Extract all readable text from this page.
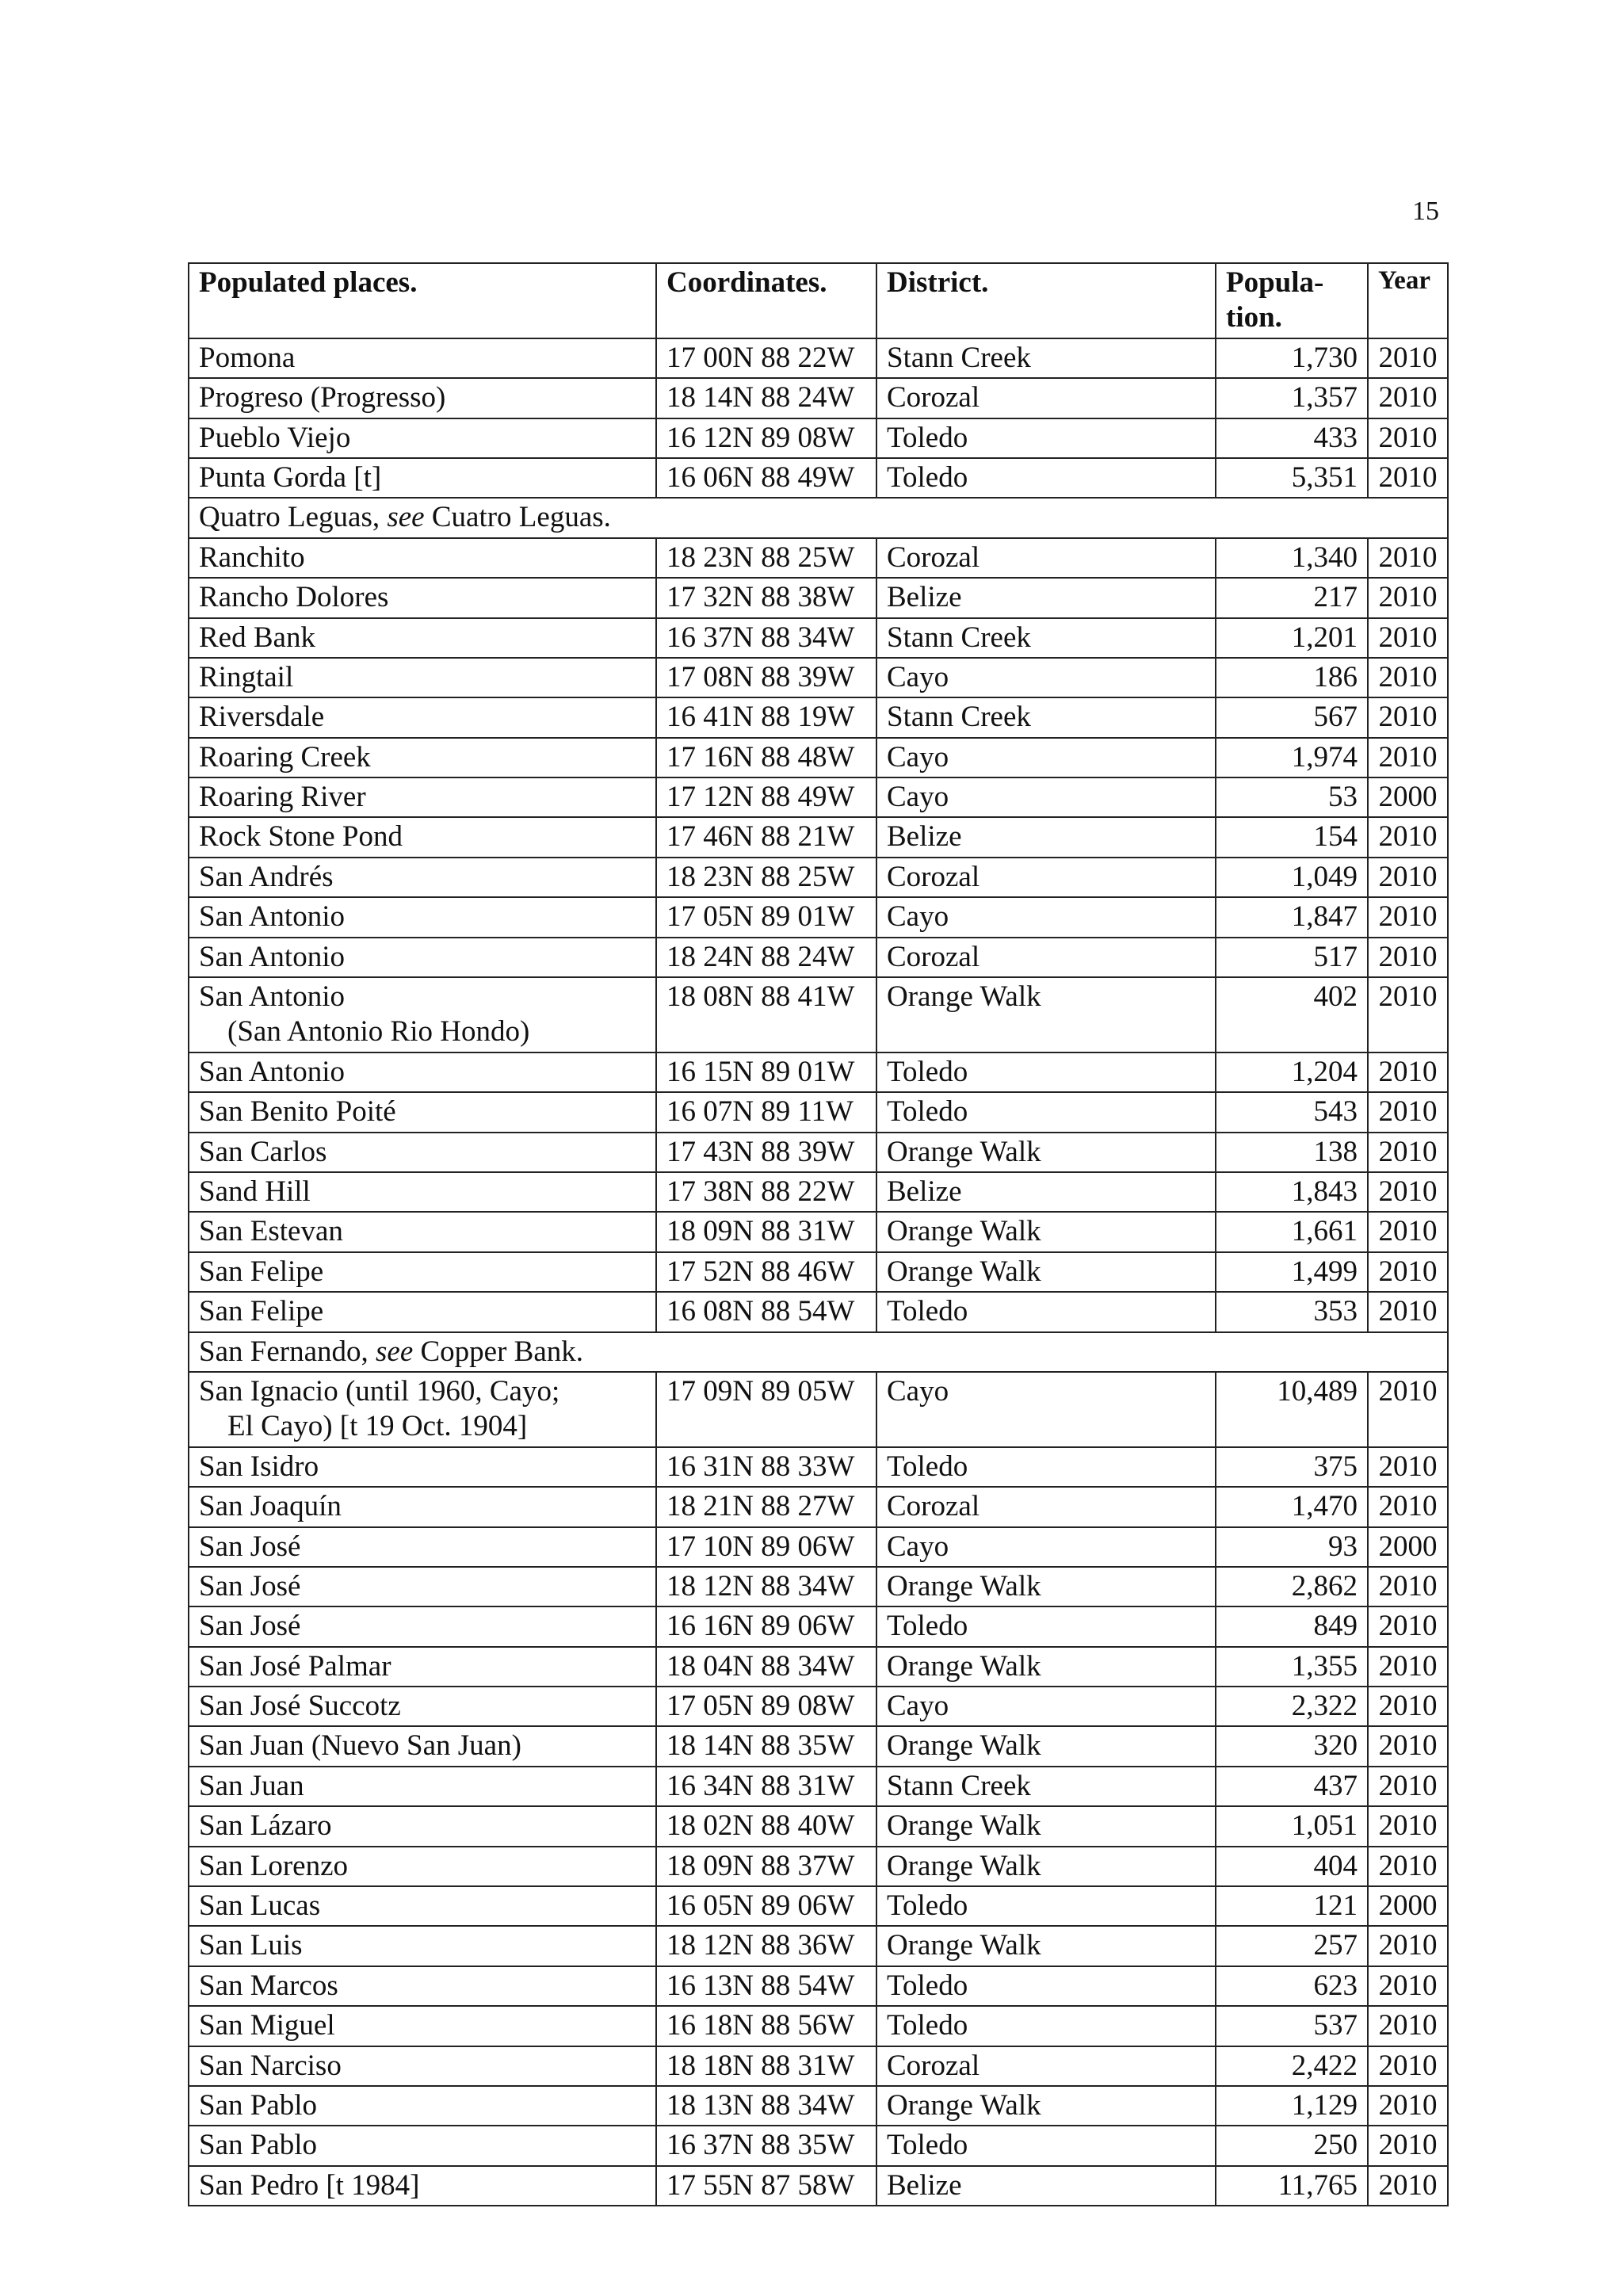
15
Populated places.	Coordinates.	District.	Popula-tion.	Year
Pomona	17 00N 88 22W	Stann Creek	1,730	2010
Progreso (Progresso)	18 14N 88 24W	Corozal	1,357	2010
Pueblo Viejo	16 12N 89 08W	Toledo	433	2010
Punta Gorda [t]	16 06N 88 49W	Toledo	5,351	2010
Quatro Leguas, see Cuatro Leguas.				
Ranchito	18 23N 88 25W	Corozal	1,340	2010
Rancho Dolores	17 32N 88 38W	Belize	217	2010
Red Bank	16 37N 88 34W	Stann Creek	1,201	2010
Ringtail	17 08N 88 39W	Cayo	186	2010
Riversdale	16 41N 88 19W	Stann Creek	567	2010
Roaring Creek	17 16N 88 48W	Cayo	1,974	2010
Roaring River	17 12N 88 49W	Cayo	53	2000
Rock Stone Pond	17 46N 88 21W	Belize	154	2010
San Andrés	18 23N 88 25W	Corozal	1,049	2010
San Antonio	17 05N 89 01W	Cayo	1,847	2010
San Antonio	18 24N 88 24W	Corozal	517	2010
San Antonio
(San Antonio Rio Hondo)	18 08N 88 41W	Orange Walk	402	2010
San Antonio	16 15N 89 01W	Toledo	1,204	2010
San Benito Poité	16 07N 89 11W	Toledo	543	2010
San Carlos	17 43N 88 39W	Orange Walk	138	2010
Sand Hill	17 38N 88 22W	Belize	1,843	2010
San Estevan	18 09N 88 31W	Orange Walk	1,661	2010
San Felipe	17 52N 88 46W	Orange Walk	1,499	2010
San Felipe	16 08N 88 54W	Toledo	353	2010
San Fernando, see Copper Bank.				
San Ignacio (until 1960, Cayo;
El Cayo) [t 19 Oct. 1904]	17 09N 89 05W	Cayo	10,489	2010
San Isidro	16 31N 88 33W	Toledo	375	2010
San Joaquín	18 21N 88 27W	Corozal	1,470	2010
San José	17 10N 89 06W	Cayo	93	2000
San José	18 12N 88 34W	Orange Walk	2,862	2010
San José	16 16N 89 06W	Toledo	849	2010
San José Palmar	18 04N 88 34W	Orange Walk	1,355	2010
San José Succotz	17 05N 89 08W	Cayo	2,322	2010
San Juan (Nuevo San Juan)	18 14N 88 35W	Orange Walk	320	2010
San Juan	16 34N 88 31W	Stann Creek	437	2010
San Lázaro	18 02N 88 40W	Orange Walk	1,051	2010
San Lorenzo	18 09N 88 37W	Orange Walk	404	2010
San Lucas	16 05N 89 06W	Toledo	121	2000
San Luis	18 12N 88 36W	Orange Walk	257	2010
San Marcos	16 13N 88 54W	Toledo	623	2010
San Miguel	16 18N 88 56W	Toledo	537	2010
San Narciso	18 18N 88 31W	Corozal	2,422	2010
San Pablo	18 13N 88 34W	Orange Walk	1,129	2010
San Pablo	16 37N 88 35W	Toledo	250	2010
San Pedro [t 1984]	17 55N 87 58W	Belize	11,765	2010
